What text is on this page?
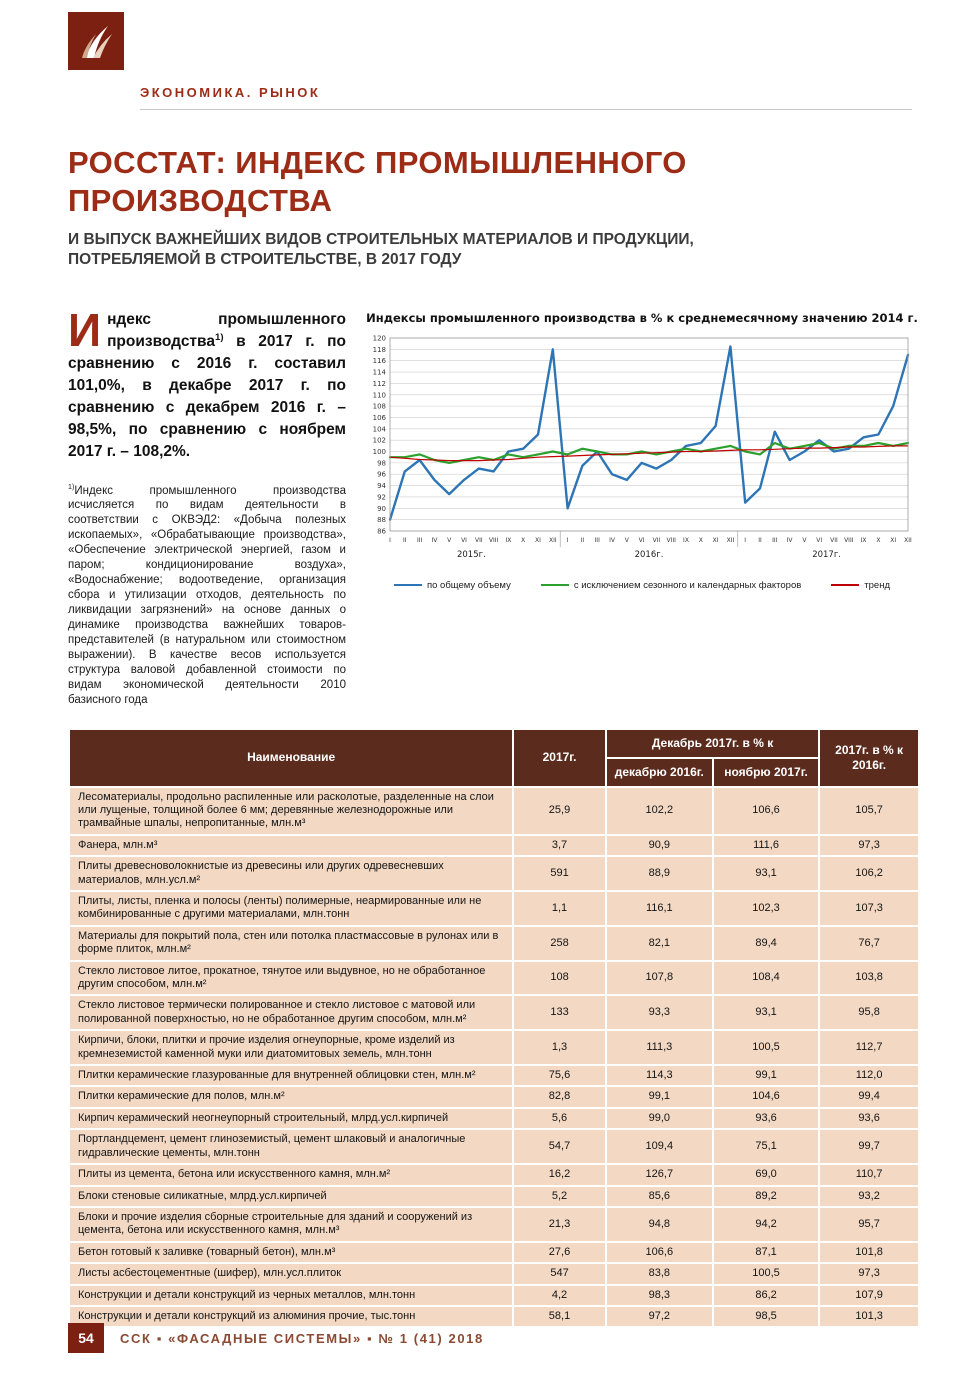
ЭКОНОМИКА. РЫНОК
РОССТАТ: ИНДЕКС ПРОМЫШЛЕННОГО
ПРОИЗВОДСТВА
И ВЫПУСК ВАЖНЕЙШИХ ВИДОВ СТРОИТЕЛЬНЫХ МАТЕРИАЛОВ И ПРОДУКЦИИ, ПОТРЕБЛЯЕМОЙ В СТРОИТЕЛЬСТВЕ, В 2017 ГОДУ

Индекс промышленного производства$^{1)}$ в 2017 г. по сравнению с 2016 г. составил 101,0%, в декабре 2017 г. по сравнению с декабрем 2016 г. – 98,5%, по сравнению с ноябрем 2017 г. – 108,2%.

$^{1)}$Индекс промышленного производства исчисляется по видам деятельности в соответствии с ОКВЭД2: «Добыча полезных ископаемых», «Обрабатывающие производства», «Обеспечение электрической энергией, газом и паром; кондиционирование воздуха», «Водоснабжение; водоотведение, организация сбора и утилизации отходов, деятельность по ликвидации загрязнений» на основе данных о динамике производства важнейших товаров-представителей (в натуральном или стоимостном выражении). В качестве весов используется структура валовой добавленной стоимости по видам экономической деятельности 2010 базисного года

Индексы промышленного производства в % к среднемесячному значению 2014 г.
86
88
90
92
94
96
98
100
102
104
106
108
110
112
114
116
118
120
I II III IV V VI VII VIII IX X XI XII I II III IV V VI VII VIII IX X XI XII I II III IV V VI VII VIII IX X XI XII
2015г.	2016г.	2017г.
по общему объему	с исключением сезонного и календарных факторов	тренд
Наименование	2017г.	Декабрь 2017г. в % к		2017г. в % к 2016г.
		декабрю 2016г.	ноябрю 2017г.	
Лесоматериалы, продольно распиленные или расколотые, разделенные на слои или лущеные, толщиной более 6 мм; деревянные железнодорожные или трамвайные шпалы, непропитанные, млн.м³	25,9	102,2	106,6	105,7
Фанера, млн.м³	3,7	90,9	111,6	97,3
Плиты древесноволокнистые из древесины или других одревесневших материалов, млн.усл.м²	591	88,9	93,1	106,2
Плиты, листы, пленка и полосы (ленты) полимерные, неармированные или не комбинированные с другими материалами, млн.тонн	1,1	116,1	102,3	107,3
Материалы для покрытий пола, стен или потолка пластмассовые в рулонах или в форме плиток, млн.м²	258	82,1	89,4	76,7
Стекло листовое литое, прокатное, тянутое или выдувное, но не обработанное другим способом, млн.м²	108	107,8	108,4	103,8
Стекло листовое термически полированное и стекло листовое с матовой или полированной поверхностью, но не обработанное другим способом, млн.м²	133	93,3	93,1	95,8
Кирпичи, блоки, плитки и прочие изделия огнеупорные, кроме изделий из кремнеземистой каменной муки или диатомитовых земель, млн.тонн	1,3	111,3	100,5	112,7
Плитки керамические глазурованные для внутренней облицовки стен, млн.м²	75,6	114,3	99,1	112,0
Плитки керамические для полов, млн.м²	82,8	99,1	104,6	99,4
Кирпич керамический неогнеупорный строительный, млрд.усл.кирпичей	5,6	99,0	93,6	93,6
Портландцемент, цемент глиноземистый, цемент шлаковый и аналогичные гидравлические цементы, млн.тонн	54,7	109,4	75,1	99,7
Плиты из цемента, бетона или искусственного камня, млн.м²	16,2	126,7	69,0	110,7
Блоки стеновые силикатные, млрд.усл.кирпичей	5,2	85,6	89,2	93,2
Блоки и прочие изделия сборные строительные для зданий и сооружений из цемента, бетона или искусственного камня, млн.м³	21,3	94,8	94,2	95,7
Бетон готовый к заливке (товарный бетон), млн.м³	27,6	106,6	87,1	101,8
Листы асбестоцементные (шифер), млн.усл.плиток	547	83,8	100,5	97,3
Конструкции и детали конструкций из черных металлов, млн.тонн	4,2	98,3	86,2	107,9
Конструкции и детали конструкций из алюминия прочие, тыс.тонн	58,1	97,2	98,5	101,3
54	ССК ▪ «ФАСАДНЫЕ СИСТЕМЫ» ▪ № 1 (41) 2018
